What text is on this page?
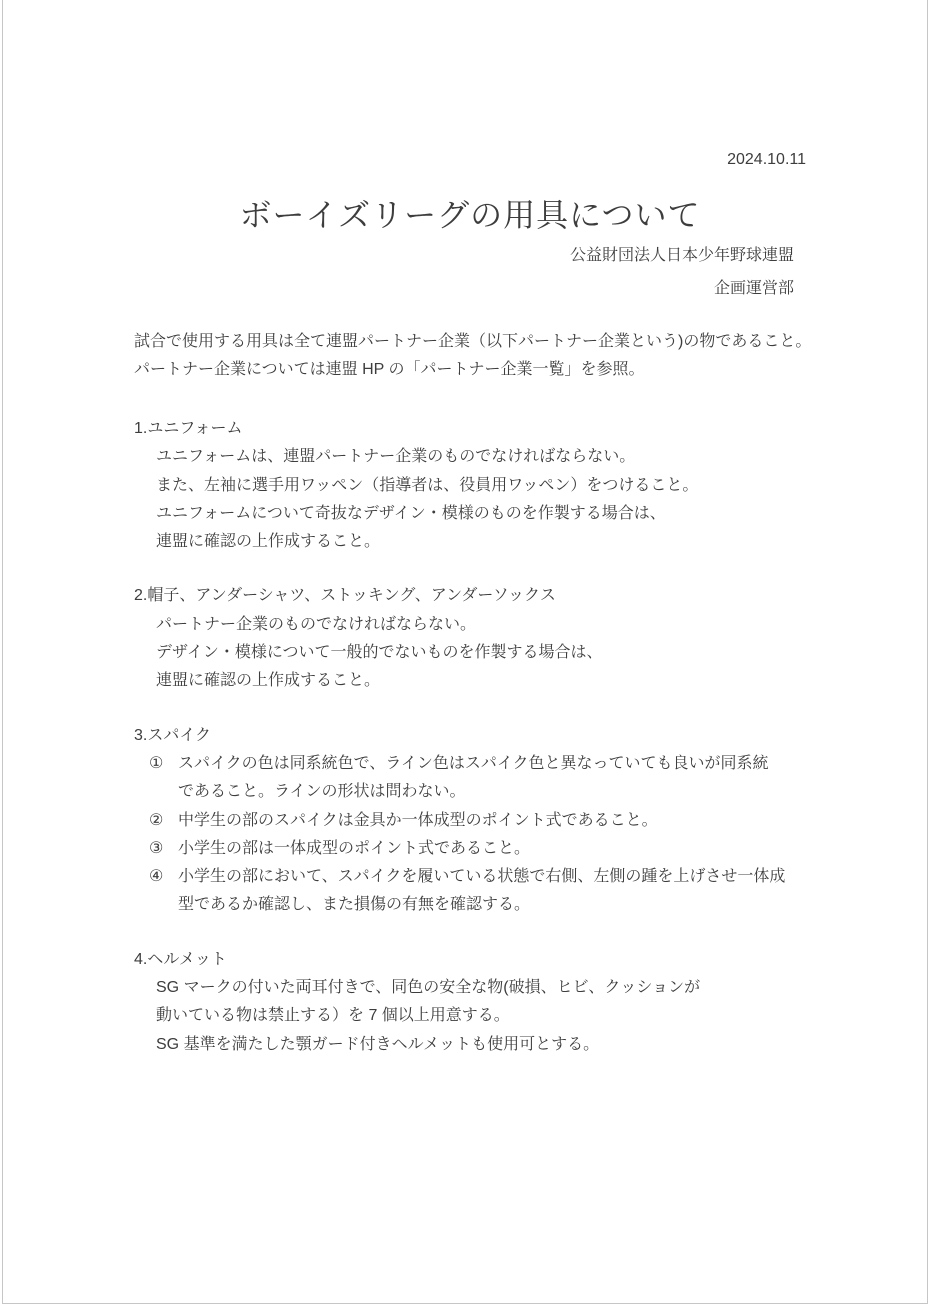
2024.10.11
ボーイズリーグの用具について
公益財団法人日本少年野球連盟
企画運営部
試合で使用する用具は全て連盟パートナー企業（以下パートナー企業という)の物であること。
パートナー企業については連盟 HP の「パートナー企業一覧」を参照。
1.ユニフォーム
ユニフォームは、連盟パートナー企業のものでなければならない。
また、左袖に選手用ワッペン（指導者は、役員用ワッペン）をつけること。
ユニフォームについて奇抜なデザイン・模様のものを作製する場合は、
連盟に確認の上作成すること。
2.帽子、アンダーシャツ、ストッキング、アンダーソックス
パートナー企業のものでなければならない。
デザイン・模様について一般的でないものを作製する場合は、
連盟に確認の上作成すること。
3.スパイク
① スパイクの色は同系統色で、ライン色はスパイク色と異なっていても良いが同系統
であること。ラインの形状は問わない。
② 中学生の部のスパイクは金具か一体成型のポイント式であること。
③ 小学生の部は一体成型のポイント式であること。
④ 小学生の部において、スパイクを履いている状態で右側、左側の踵を上げさせ一体成
型であるか確認し、また損傷の有無を確認する。
4.ヘルメット
SG マークの付いた両耳付きで、同色の安全な物(破損、ヒビ、クッションが
動いている物は禁止する）を 7 個以上用意する。
SG 基準を満たした顎ガード付きヘルメットも使用可とする。
